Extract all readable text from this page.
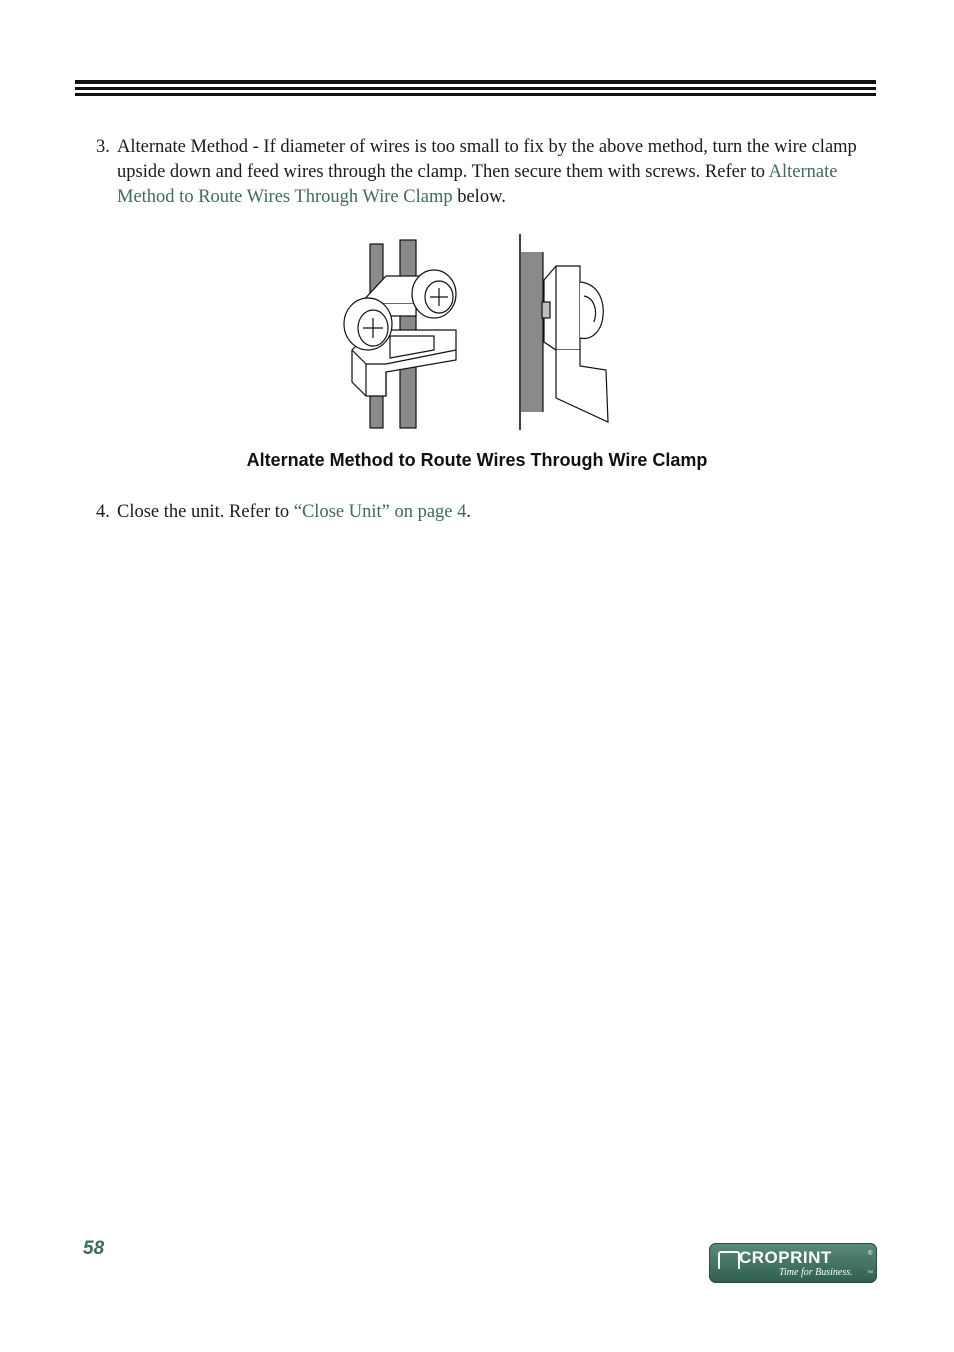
3. Alternate Method - If diameter of wires is too small to fix by the above method, turn the wire clamp upside down and feed wires through the clamp. Then secure them with screws. Refer to Alternate Method to Route Wires Through Wire Clamp below.
Alternate Method to Route Wires Through Wire Clamp
4. Close the unit. Refer to “Close Unit” on page 4.
58	CROPRINT	®
Time for Business.	TM
